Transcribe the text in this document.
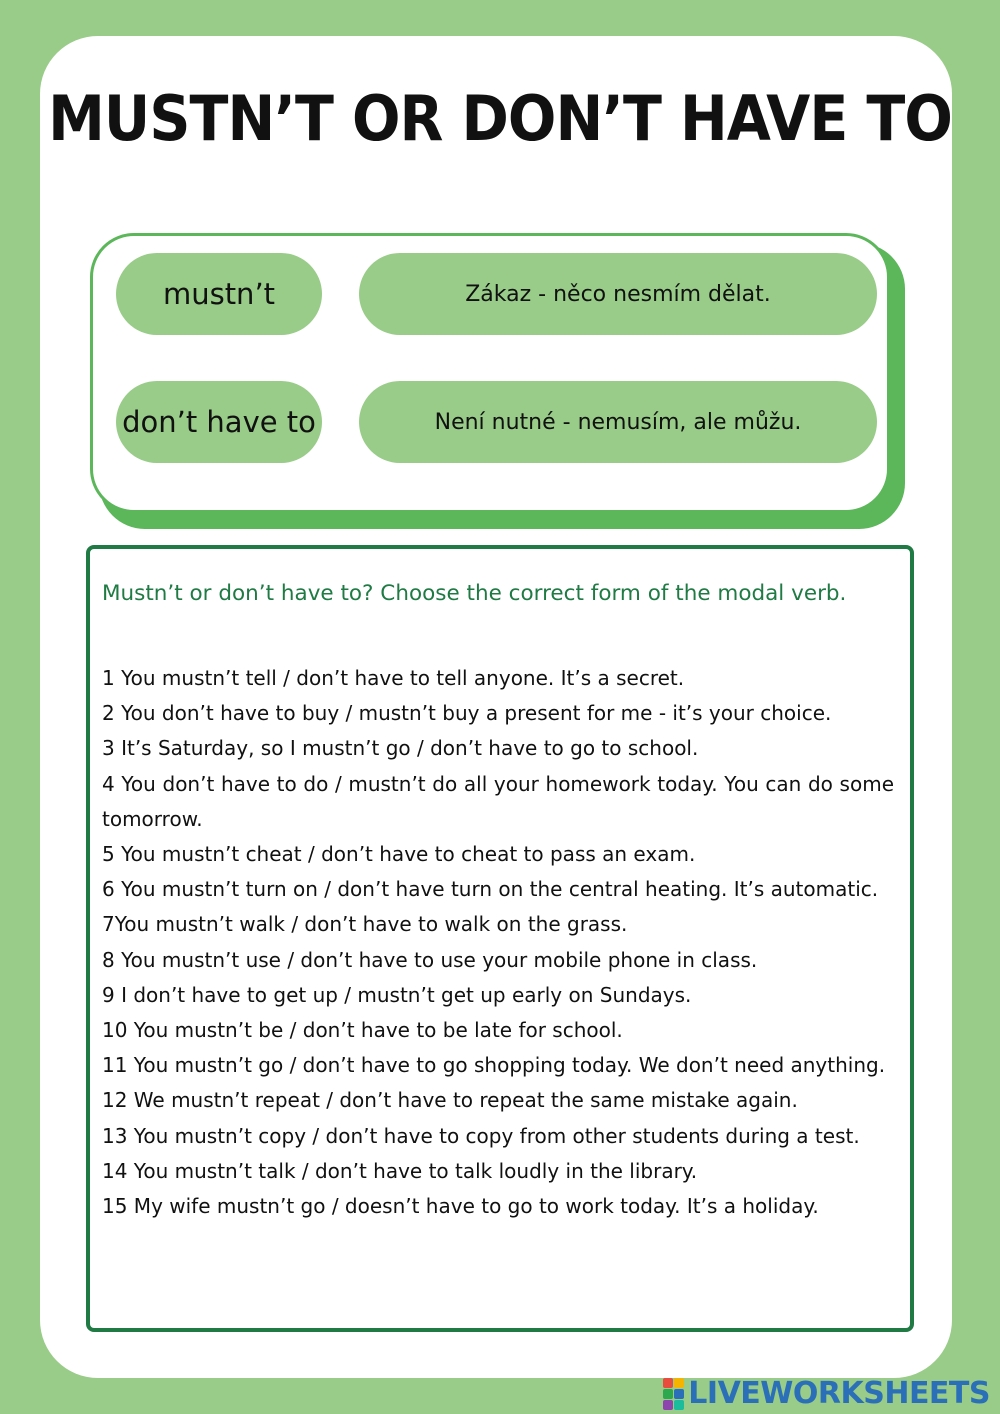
MUSTN’T OR DON’T HAVE TO
mustn’t	Zákaz - něco nesmím dělat.
don’t have to	Není nutné - nemusím, ale můžu.
Mustn’t or don’t have to? Choose the correct form of the modal verb.
1 You mustn’t tell / don’t have to tell anyone. It’s a secret.
2 You don’t have to buy / mustn’t buy a present for me - it’s your choice.
3 It’s Saturday, so I mustn’t go / don’t have to go to school.
4 You don’t have to do / mustn’t do all your homework today. You can do some tomorrow.
5 You mustn’t cheat / don’t have to cheat to pass an exam.
6 You mustn’t turn on / don’t have turn on the central heating. It’s automatic.
7You mustn’t walk / don’t have to walk on the grass.
8 You mustn’t use / don’t have to use your mobile phone in class.
9 I don’t have to get up / mustn’t get up early on Sundays.
10 You mustn’t be / don’t have to be late for school.
11 You mustn’t go / don’t have to go shopping today. We don’t need anything.
12 We mustn’t repeat / don’t have to repeat the same mistake again.
13 You mustn’t copy / don’t have to copy from other students during a test.
14 You mustn’t talk / don’t have to talk loudly in the library.
15 My wife mustn’t go / doesn’t have to go to work today. It’s a holiday.
LIVEWORKSHEETS
